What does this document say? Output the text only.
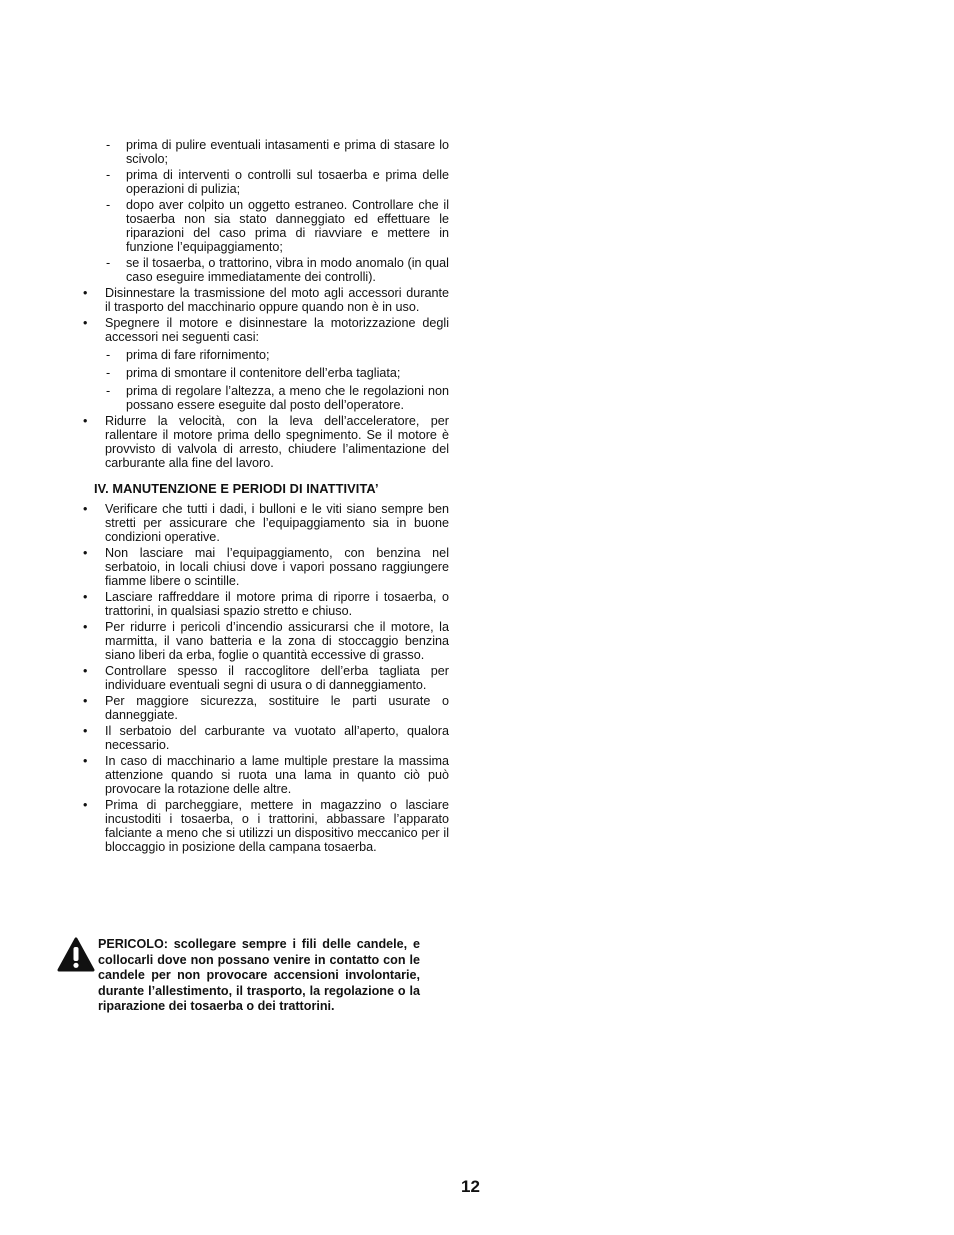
- prima di pulire eventuali intasamenti e prima di stasare lo scivolo;
- prima di interventi o controlli sul tosaerba e prima delle operazioni di pulizia;
- dopo aver colpito un oggetto estraneo. Controllare che il tosaerba non sia stato danneggiato ed effettuare le riparazioni del caso prima di riavviare e mettere in funzione l’equipaggiamento;
- se il tosaerba, o trattorino, vibra in modo anomalo (in qual caso eseguire immediatamente dei controlli).
• Disinnestare la trasmissione del moto agli accessori durante il trasporto del macchinario oppure quando non è in uso.
• Spegnere il motore e disinnestare la motorizzazione degli accessori nei seguenti casi:
- prima di fare rifornimento;
- prima di smontare il contenitore dell’erba tagliata;
- prima di regolare l’altezza, a meno che le regolazioni non possano essere eseguite dal posto dell’operatore.
• Ridurre la velocità, con la leva dell’acceleratore, per rallentare il motore prima dello spegnimento. Se il motore è provvisto di valvola di arresto, chiudere l’alimentazione del carburante alla fine del lavoro.
IV. MANUTENZIONE E PERIODI DI INATTIVITA’
• Verificare che tutti i dadi, i bulloni e le viti siano sempre ben stretti per assicurare che l’equipaggiamento sia in buone condizioni operative.
• Non lasciare mai l’equipaggiamento, con benzina nel serbatoio, in locali chiusi dove i vapori possano raggiungere fiamme libere o scintille.
• Lasciare raffreddare il motore prima di riporre i tosaerba, o trattorini, in qualsiasi spazio stretto e chiuso.
• Per ridurre i pericoli d’incendio assicurarsi che il motore, la marmitta, il vano batteria e la zona di stoccaggio benzina siano liberi da erba, foglie o quantità eccessive di grasso.
• Controllare spesso il raccoglitore dell’erba tagliata per individuare eventuali segni di usura o di danneggiamento.
• Per maggiore sicurezza, sostituire le parti usurate o danneggiate.
• Il serbatoio del carburante va vuotato all’aperto, qualora necessario.
• In caso di macchinario a lame multiple prestare la massima attenzione quando si ruota una lama in quanto ciò può provocare la rotazione delle altre.
• Prima di parcheggiare, mettere in magazzino o lasciare incustoditi i tosaerba, o i trattorini, abbassare l’apparato falciante a meno che si utilizzi un dispositivo meccanico per il bloccaggio in posizione della campana tosaerba.
PERICOLO: scollegare sempre i fili delle candele, e collocarli dove non possano venire in contatto con le candele per non provocare accensioni involontarie, durante l’allestimento, il trasporto, la regolazione o la riparazione dei tosaerba o dei trattorini.
12
